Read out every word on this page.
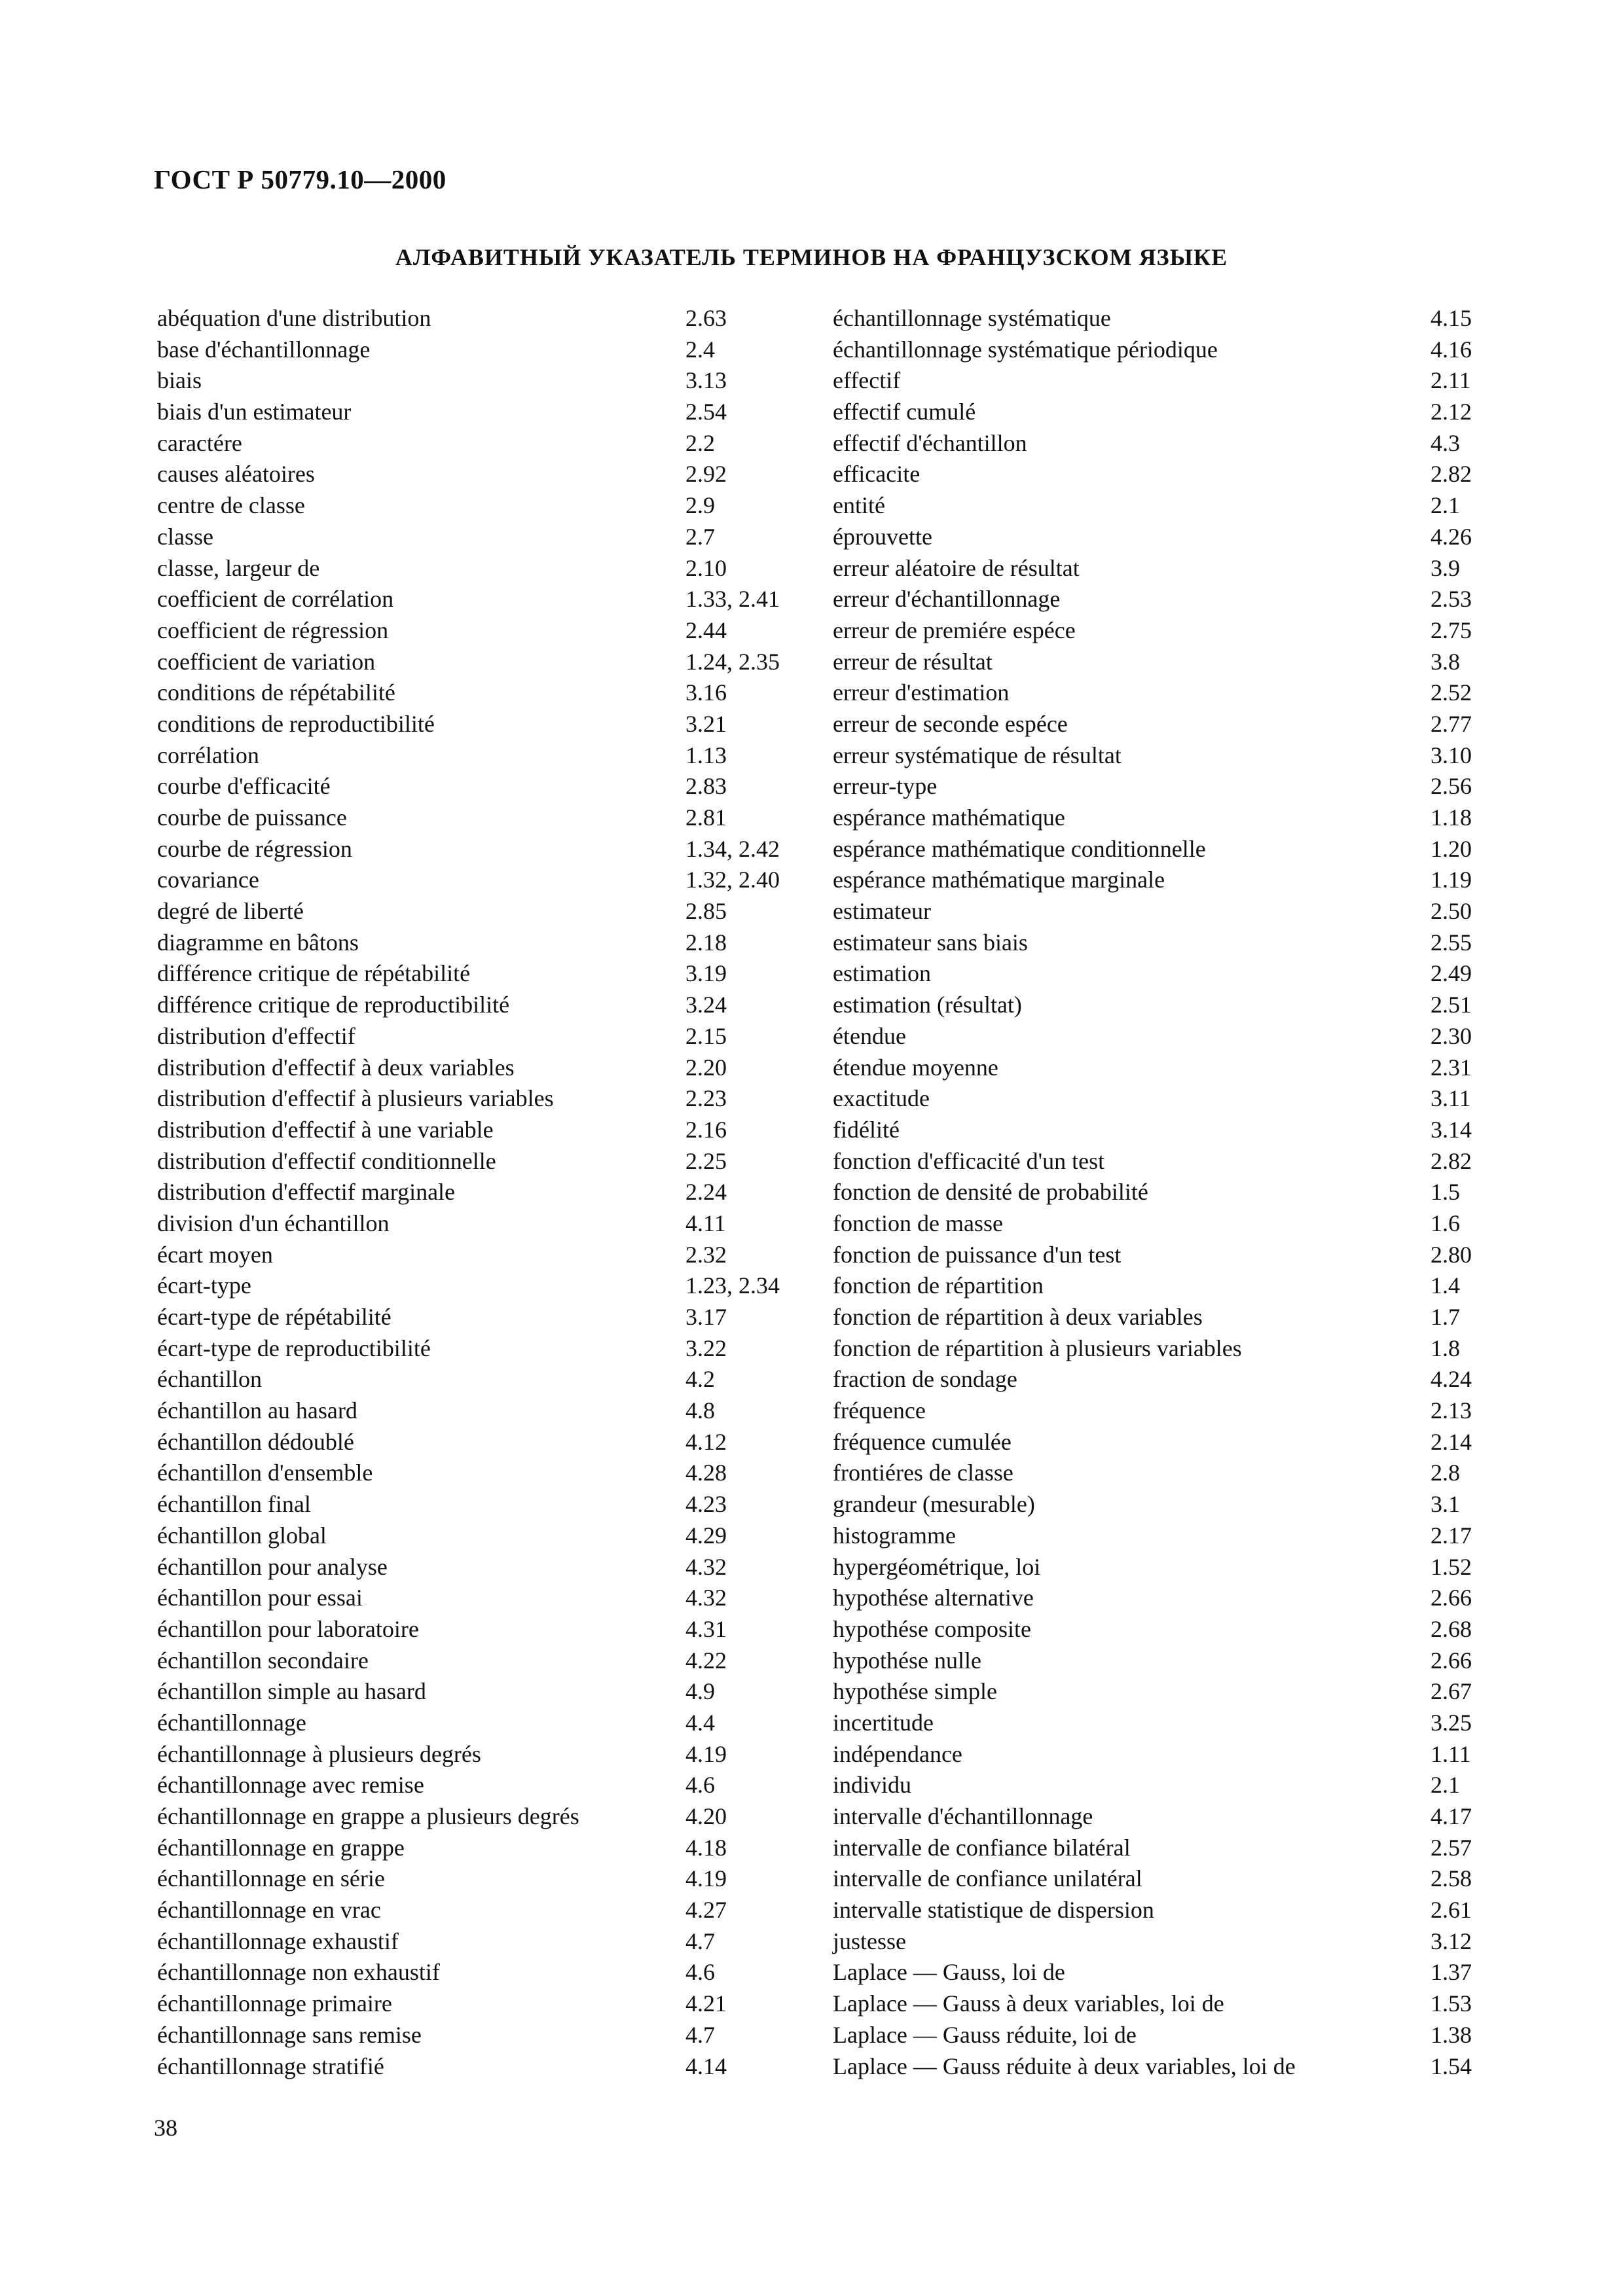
ГОСТ Р 50779.10—2000
АЛФАВИТНЫЙ УКАЗАТЕЛЬ ТЕРМИНОВ НА ФРАНЦУЗСКОМ ЯЗЫКЕ
abéquation d'une distribution	2.63
base d'échantillonnage	2.4
biais	3.13
biais d'un estimateur	2.54
caractére	2.2
causes aléatoires	2.92
centre de classe	2.9
classe	2.7
classe, largeur de	2.10
coefficient de corrélation	1.33, 2.41
coefficient de régression	2.44
coefficient de variation	1.24, 2.35
conditions de répétabilité	3.16
conditions de reproductibilité	3.21
corrélation	1.13
courbe d'efficacité	2.83
courbe de puissance	2.81
courbe de régression	1.34, 2.42
covariance	1.32, 2.40
degré de liberté	2.85
diagramme en bâtons	2.18
différence critique de répétabilité	3.19
différence critique de reproductibilité	3.24
distribution d'effectif	2.15
distribution d'effectif à deux variables	2.20
distribution d'effectif à plusieurs variables	2.23
distribution d'effectif à une variable	2.16
distribution d'effectif conditionnelle	2.25
distribution d'effectif marginale	2.24
division d'un échantillon	4.11
écart moyen	2.32
écart-type	1.23, 2.34
écart-type de répétabilité	3.17
écart-type de reproductibilité	3.22
échantillon	4.2
échantillon au hasard	4.8
échantillon dédoublé	4.12
échantillon d'ensemble	4.28
échantillon final	4.23
échantillon global	4.29
échantillon pour analyse	4.32
échantillon pour essai	4.32
échantillon pour laboratoire	4.31
échantillon secondaire	4.22
échantillon simple au hasard	4.9
échantillonnage	4.4
échantillonnage à plusieurs degrés	4.19
échantillonnage avec remise	4.6
échantillonnage en grappe a plusieurs degrés	4.20
échantillonnage en grappe	4.18
échantillonnage en série	4.19
échantillonnage en vrac	4.27
échantillonnage exhaustif	4.7
échantillonnage non exhaustif	4.6
échantillonnage primaire	4.21
échantillonnage sans remise	4.7
échantillonnage stratifié	4.14
échantillonnage systématique	4.15
échantillonnage systématique périodique	4.16
effectif	2.11
effectif cumulé	2.12
effectif d'échantillon	4.3
efficacite	2.82
entité	2.1
éprouvette	4.26
erreur aléatoire de résultat	3.9
erreur d'échantillonnage	2.53
erreur de premiére espéce	2.75
erreur de résultat	3.8
erreur d'estimation	2.52
erreur de seconde espéce	2.77
erreur systématique de résultat	3.10
erreur-type	2.56
espérance mathématique	1.18
espérance mathématique conditionnelle	1.20
espérance mathématique marginale	1.19
estimateur	2.50
estimateur sans biais	2.55
estimation	2.49
estimation (résultat)	2.51
étendue	2.30
étendue moyenne	2.31
exactitude	3.11
fidélité	3.14
fonction d'efficacité d'un test	2.82
fonction de densité de probabilité	1.5
fonction de masse	1.6
fonction de puissance d'un test	2.80
fonction de répartition	1.4
fonction de répartition à deux variables	1.7
fonction de répartition à plusieurs variables	1.8
fraction de sondage	4.24
fréquence	2.13
fréquence cumulée	2.14
frontiéres de classe	2.8
grandeur (mesurable)	3.1
histogramme	2.17
hypergéométrique, loi	1.52
hypothése alternative	2.66
hypothése composite	2.68
hypothése nulle	2.66
hypothése simple	2.67
incertitude	3.25
indépendance	1.11
individu	2.1
intervalle d'échantillonnage	4.17
intervalle de confiance bilatéral	2.57
intervalle de confiance unilatéral	2.58
intervalle statistique de dispersion	2.61
justesse	3.12
Laplace — Gauss, loi de	1.37
Laplace — Gauss à deux variables, loi de	1.53
Laplace — Gauss réduite, loi de	1.38
Laplace — Gauss réduite à deux variables, loi de	1.54
38
